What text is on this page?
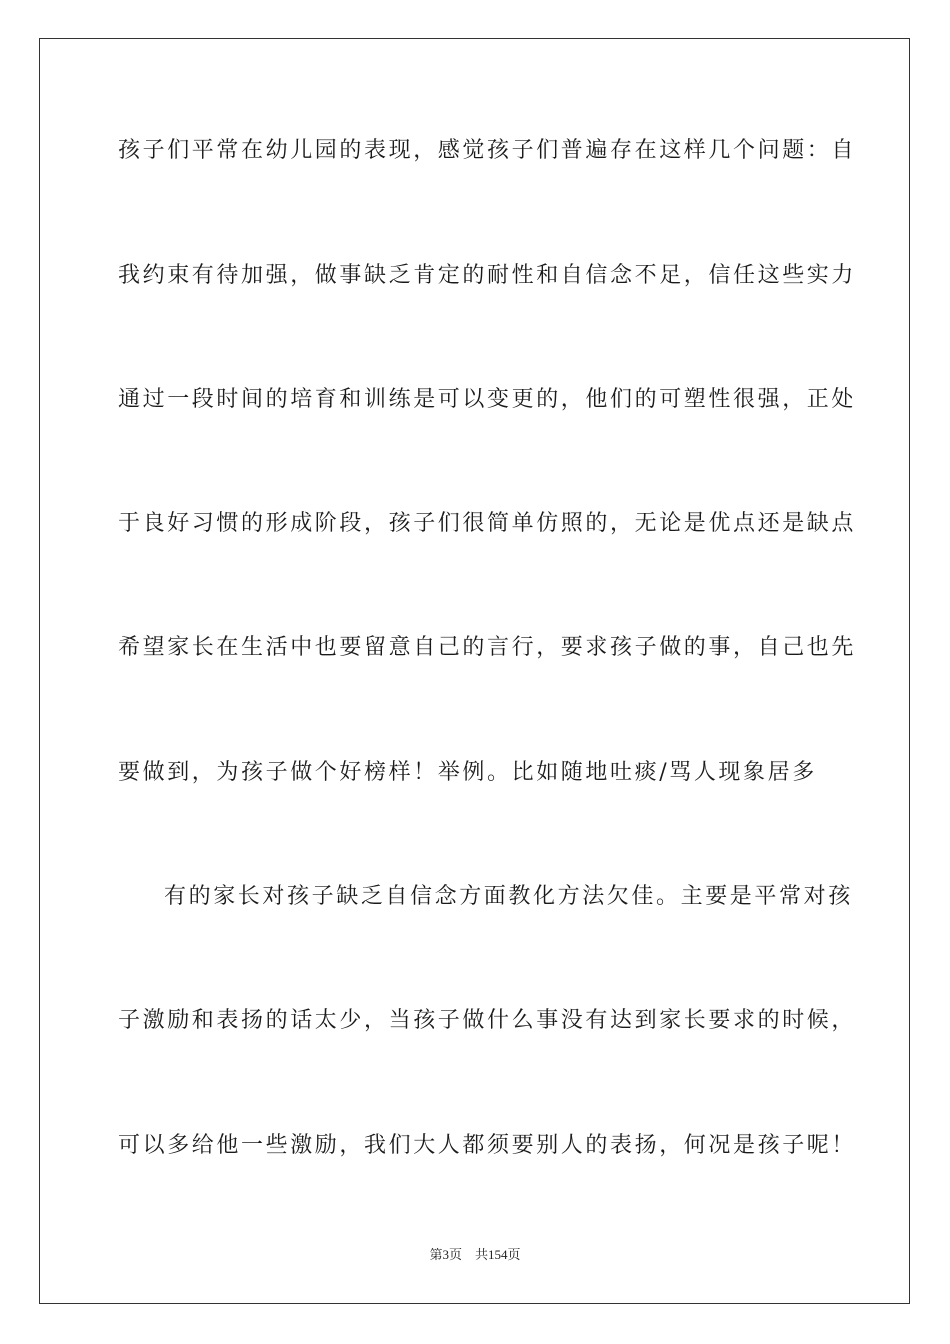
孩子们平常在幼儿园的表现，感觉孩子们普遍存在这样几个问题：自
我约束有待加强，做事缺乏肯定的耐性和自信念不足，信任这些实力
通过一段时间的培育和训练是可以变更的，他们的可塑性很强，正处
于良好习惯的形成阶段，孩子们很简单仿照的，无论是优点还是缺点
希望家长在生活中也要留意自己的言行，要求孩子做的事，自己也先
要做到，为孩子做个好榜样！举例。比如随地吐痰/骂人现象居多
有的家长对孩子缺乏自信念方面教化方法欠佳。主要是平常对孩
子激励和表扬的话太少，当孩子做什么事没有达到家长要求的时候，
可以多给他一些激励，我们大人都须要别人的表扬，何况是孩子呢！
第3页 共154页
